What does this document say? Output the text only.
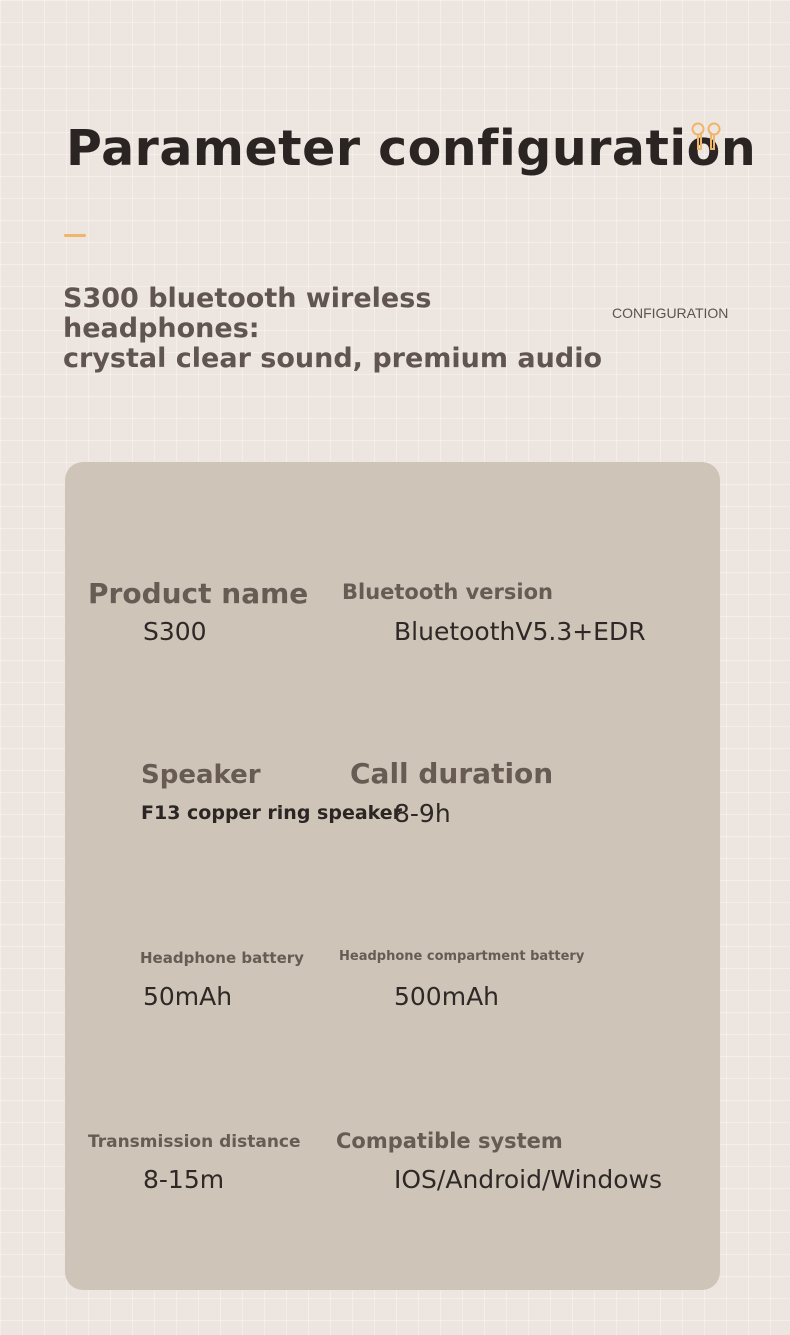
Parameter configuration
S300 bluetooth wireless headphones:
crystal clear sound, premium audio
CONFIGURATION
Product name
S300
Bluetooth version
BluetoothV5.3+EDR
Speaker
F13 copper ring speaker
Call duration
8-9h
Headphone battery
50mAh
Headphone compartment battery
500mAh
Transmission distance
8-15m
Compatible system
IOS/Android/Windows
